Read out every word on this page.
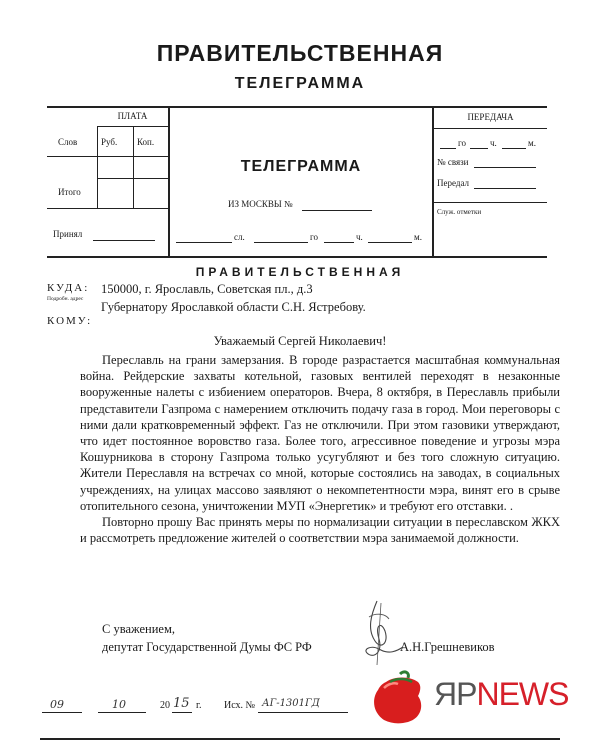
ПРАВИТЕЛЬСТВЕННАЯ
ТЕЛЕГРАММА
ПЛАТА
Слов	Руб. Коп.
Итого
Принял
ТЕЛЕГРАММА
ИЗ МОСКВЫ №
сл.	го	ч.	м.
ПЕРЕДАЧА
го	ч.	м.
№ связи
Передал
Служ. отметки
ПРАВИТЕЛЬСТВЕННАЯ
КУДА:
Подробн. адрес
КОМУ:
150000, г. Ярославль, Советская пл., д.3
Губернатору Ярославкой области С.Н. Ястребову.
Уважаемый Сергей Николаевич!

Переславль на грани замерзания. В городе разрастается масштабная коммунальная война. Рейдерские захваты котельной, газовых вентилей переходят в незаконные вооруженные налеты с избиением операторов. Вчера, 8 октября, в Переславль прибыли представители Газпрома с намерением отключить подачу газа в город. Мои переговоры с ними дали кратковременный эффект. Газ не отключили. При этом газовики утверждают, что идет постоянное воровство газа. Более того, агрессивное поведение и угрозы мэра Кошурникова в сторону Газпрома только усугубляют и без того сложную ситуацию. Жители Переславля на встречах со мной, которые состоялись на заводах, в социальных учреждениях, на улицах массово заявляют о некомпетентности мэра, винят его в срыве отопительного сезона, уничтожении МУП «Энергетик» и требуют его отставки. .

Повторно прошу Вас принять меры по нормализации ситуации в переславском ЖКХ и рассмотреть предложение жителей о соответствии мэра занимаемой должности.

С уважением,
депутат Государственной Думы ФС РФ	А.Н.Грешневиков
09	10	20 15 г. Исх. № АГ-1301ГД	ЯРNEWS
